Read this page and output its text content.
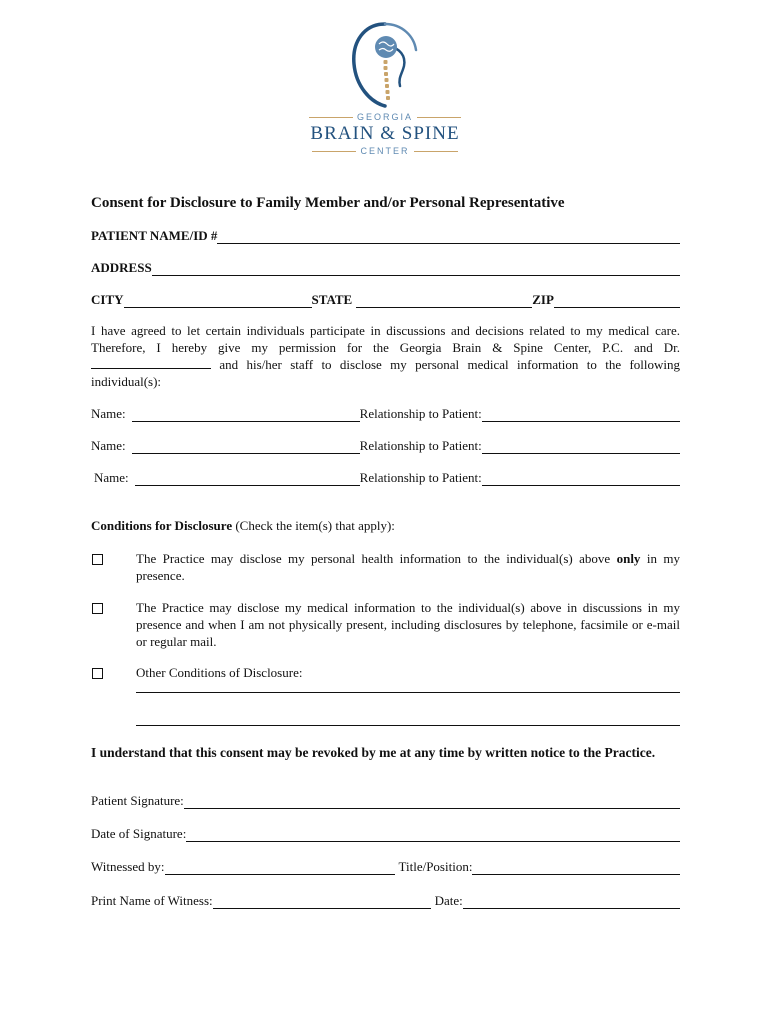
GEORGIA
BRAIN & SPINE
CENTER
Consent for Disclosure to Family Member and/or Personal Representative
PATIENT NAME/ID #
ADDRESS
CITY	STATE	ZIP
I have agreed to let certain individuals participate in discussions and decisions related to my medical care. Therefore, I hereby give my permission for the Georgia Brain & Spine Center, P.C. and Dr.  and his/her staff to disclose my personal medical information to the following individual(s):
Name:	Relationship to Patient:
Name:	Relationship to Patient:
Name:	Relationship to Patient:
Conditions for Disclosure (Check the item(s) that apply):
The Practice may disclose my personal health information to the individual(s) above only in my presence.
The Practice may disclose my medical information to the individual(s) above in discussions in my presence and when I am not physically present, including disclosures by telephone, facsimile or e-mail or regular mail.
Other Conditions of Disclosure:
I understand that this consent may be revoked by me at any time by written notice to the Practice.
Patient Signature:
Date of Signature:
Witnessed by:	Title/Position:
Print Name of Witness:	Date:
